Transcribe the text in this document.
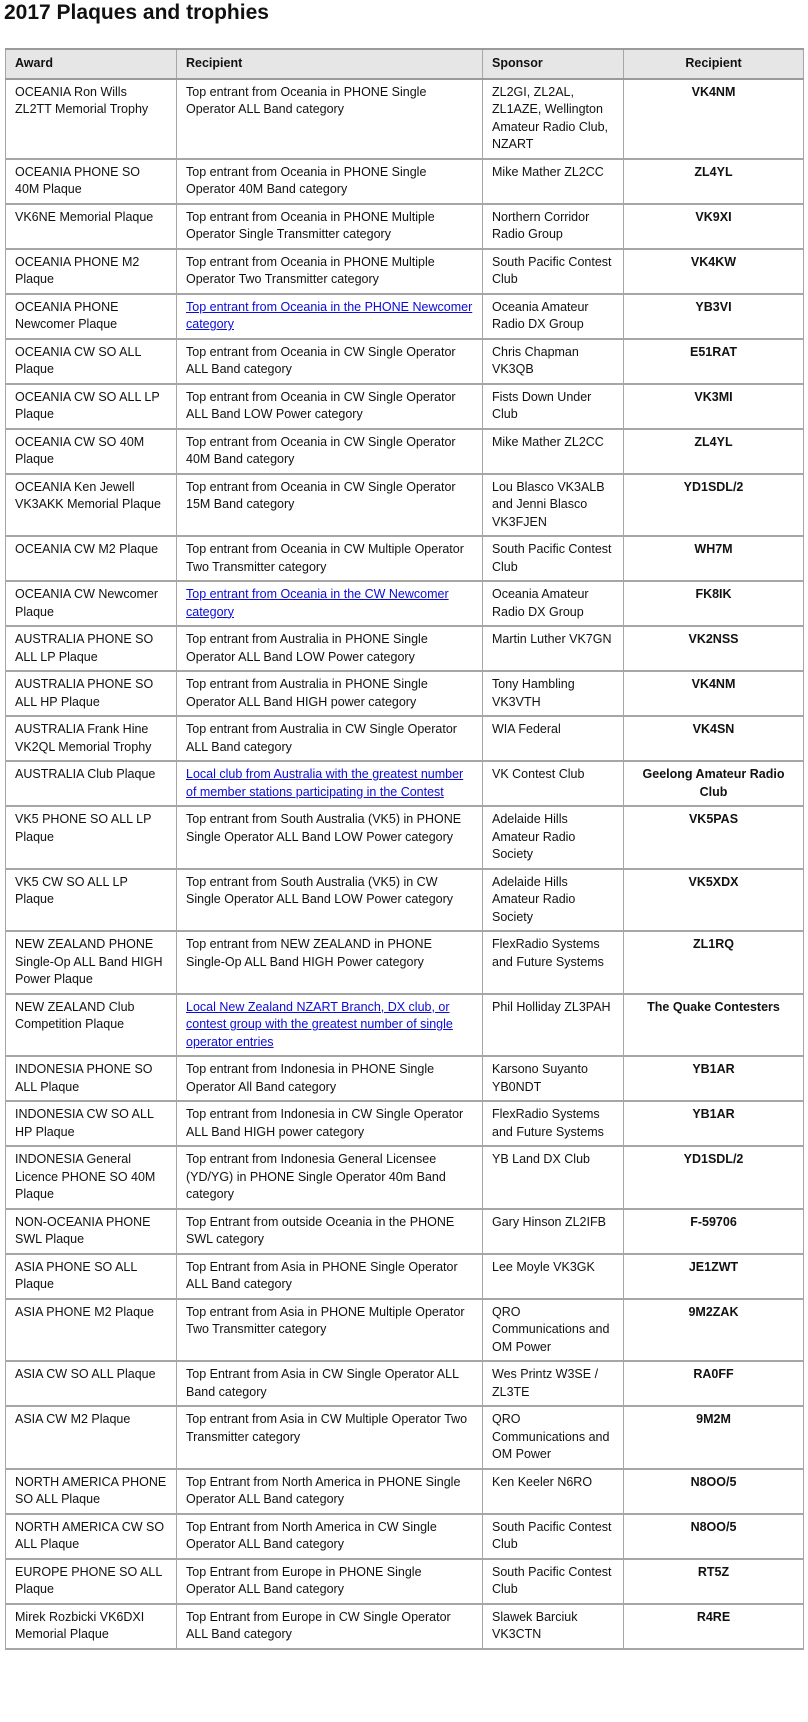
2017 Plaques and trophies
Award	Recipient	Sponsor	Recipient
OCEANIA Ron Wills ZL2TT Memorial Trophy	Top entrant from Oceania in PHONE Single Operator ALL Band category	ZL2GI, ZL2AL, ZL1AZE, Wellington Amateur Radio Club, NZART	VK4NM
OCEANIA PHONE SO 40M Plaque	Top entrant from Oceania in PHONE Single Operator 40M Band category	Mike Mather ZL2CC	ZL4YL
VK6NE Memorial Plaque	Top entrant from Oceania in PHONE Multiple Operator Single Transmitter category	Northern Corridor Radio Group	VK9XI
OCEANIA PHONE M2 Plaque	Top entrant from Oceania in PHONE Multiple Operator Two Transmitter category	South Pacific Contest Club	VK4KW
OCEANIA PHONE Newcomer Plaque	Top entrant from Oceania in the PHONE Newcomer category	Oceania Amateur Radio DX Group	YB3VI
OCEANIA CW SO ALL Plaque	Top entrant from Oceania in CW Single Operator ALL Band category	Chris Chapman VK3QB	E51RAT
OCEANIA CW SO ALL LP Plaque	Top entrant from Oceania in CW Single Operator ALL Band LOW Power category	Fists Down Under Club	VK3MI
OCEANIA CW SO 40M Plaque	Top entrant from Oceania in CW Single Operator 40M Band category	Mike Mather ZL2CC	ZL4YL
OCEANIA Ken Jewell VK3AKK Memorial Plaque	Top entrant from Oceania in CW Single Operator 15M Band category	Lou Blasco VK3ALB and Jenni Blasco VK3FJEN	YD1SDL/2
OCEANIA CW M2 Plaque	Top entrant from Oceania in CW Multiple Operator Two Transmitter category	South Pacific Contest Club	WH7M
OCEANIA CW Newcomer Plaque	Top entrant from Oceania in the CW Newcomer category	Oceania Amateur Radio DX Group	FK8IK
AUSTRALIA PHONE SO ALL LP Plaque	Top entrant from Australia in PHONE Single Operator ALL Band LOW Power category	Martin Luther VK7GN	VK2NSS
AUSTRALIA PHONE SO ALL HP Plaque	Top entrant from Australia in PHONE Single Operator ALL Band HIGH power category	Tony Hambling VK3VTH	VK4NM
AUSTRALIA Frank Hine VK2QL Memorial Trophy	Top entrant from Australia in CW Single Operator ALL Band category	WIA Federal	VK4SN
AUSTRALIA Club Plaque	Local club from Australia with the greatest number of member stations participating in the Contest	VK Contest Club	Geelong Amateur Radio Club
VK5 PHONE SO ALL LP Plaque	Top entrant from South Australia (VK5) in PHONE Single Operator ALL Band LOW Power category	Adelaide Hills Amateur Radio Society	VK5PAS
VK5 CW SO ALL LP Plaque	Top entrant from South Australia (VK5) in CW Single Operator ALL Band LOW Power category	Adelaide Hills Amateur Radio Society	VK5XDX
NEW ZEALAND PHONE Single-Op ALL Band HIGH Power Plaque	Top entrant from NEW ZEALAND in PHONE Single-Op ALL Band HIGH Power category	FlexRadio Systems and Future Systems	ZL1RQ
NEW ZEALAND Club Competition Plaque	Local New Zealand NZART Branch, DX club, or contest group with the greatest number of single operator entries	Phil Holliday ZL3PAH	The Quake Contesters
INDONESIA PHONE SO ALL Plaque	Top entrant from Indonesia in PHONE Single Operator All Band category	Karsono Suyanto YB0NDT	YB1AR
INDONESIA CW SO ALL HP Plaque	Top entrant from Indonesia in CW Single Operator ALL Band HIGH power category	FlexRadio Systems and Future Systems	YB1AR
INDONESIA General Licence PHONE SO 40M Plaque	Top entrant from Indonesia General Licensee (YD/YG) in PHONE Single Operator 40m Band category	YB Land DX Club	YD1SDL/2
NON-OCEANIA PHONE SWL Plaque	Top Entrant from outside Oceania in the PHONE SWL category	Gary Hinson ZL2IFB	F-59706
ASIA PHONE SO ALL Plaque	Top Entrant from Asia in PHONE Single Operator ALL Band category	Lee Moyle VK3GK	JE1ZWT
ASIA PHONE M2 Plaque	Top entrant from Asia in PHONE Multiple Operator Two Transmitter category	QRO Communications and OM Power	9M2ZAK
ASIA CW SO ALL Plaque	Top Entrant from Asia in CW Single Operator ALL Band category	Wes Printz W3SE / ZL3TE	RA0FF
ASIA CW M2 Plaque	Top entrant from Asia in CW Multiple Operator Two Transmitter category	QRO Communications and OM Power	9M2M
NORTH AMERICA PHONE SO ALL Plaque	Top Entrant from North America in PHONE Single Operator ALL Band category	Ken Keeler N6RO	N8OO/5
NORTH AMERICA CW SO ALL Plaque	Top Entrant from North America in CW Single Operator ALL Band category	South Pacific Contest Club	N8OO/5
EUROPE PHONE SO ALL Plaque	Top Entrant from Europe in PHONE Single Operator ALL Band category	South Pacific Contest Club	RT5Z
Mirek Rozbicki VK6DXI Memorial Plaque	Top Entrant from Europe in CW Single Operator ALL Band category	Slawek Barciuk VK3CTN	R4RE
